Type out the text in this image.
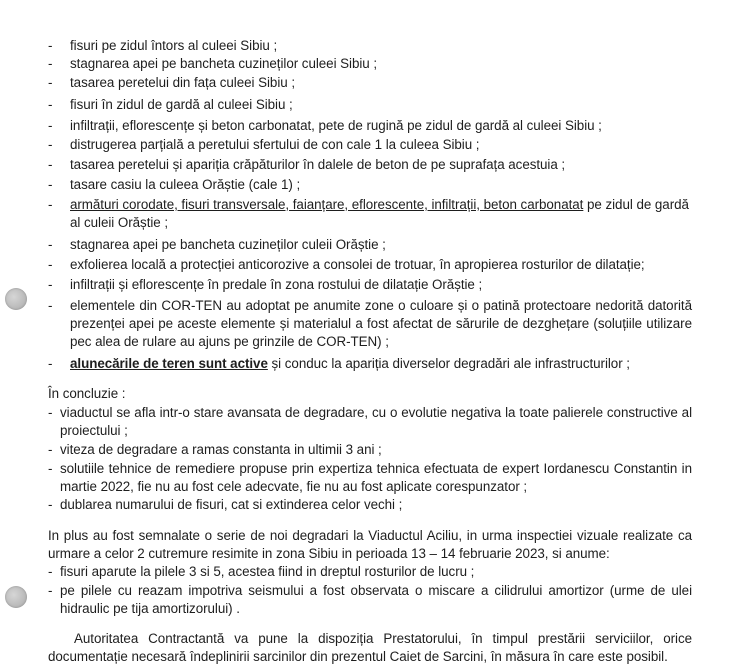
- fisuri pe zidul întors al culeei Sibiu ;
- stagnarea apei pe bancheta cuzineților culeei Sibiu ;
- tasarea peretelui din fața culeei Sibiu ;
- fisuri în zidul de gardă al culeei Sibiu ;
- infiltrații, eflorescențe și beton carbonatat, pete de rugină pe zidul de gardă al culeei Sibiu ;
- distrugerea parțială a peretului sfertului de con cale 1 la culeea Sibiu ;
- tasarea peretelui și apariția crăpăturilor în dalele de beton de pe suprafața acestuia ;
- tasare casiu la culeea Orăștie (cale 1) ;
- armături corodate, fisuri transversale, faianțare, eflorescente, infiltrații, beton carbonatat pe zidul de gardă
al culeii Orăștie ;
- stagnarea apei pe bancheta cuzineților culeii Orăștie ;
- exfolierea locală a protecției anticorozive a consolei de trotuar, în apropierea rosturilor de dilatație;
- infiltrații și eflorescențe în predale în zona rostului de dilatație Orăștie ;
- elementele din COR-TEN au adoptat pe anumite zone o culoare și o patină protectoare nedorită datorită
prezenței apei pe aceste elemente și materialul a fost afectat de sărurile de dezghețare (soluțiile utilizare
pec alea de rulare au ajuns pe grinzile de COR-TEN) ;
- alunecările de teren sunt active și conduc la apariția diverselor degradări ale infrastructurilor ;
În concluzie :
- viaductul se afla intr-o stare avansata de degradare, cu o evolutie negativa la toate palierele constructive al
proiectului ;
- viteza de degradare a ramas constanta in ultimii 3 ani ;
- solutiile tehnice de remediere propuse prin expertiza tehnica efectuata de expert Iordanescu Constantin in
martie 2022, fie nu au fost cele adecvate, fie nu au fost aplicate corespunzator ;
- dublarea numarului de fisuri, cat si extinderea celor vechi ;
In plus au fost semnalate o serie de noi degradari la Viaductul Aciliu, in urma inspectiei vizuale realizate ca
urmare a celor 2 cutremure resimite in zona Sibiu in perioada 13 – 14 februarie 2023, si anume:
- fisuri aparute la pilele 3 si 5, acestea fiind in dreptul rosturilor de lucru ;
- pe pilele cu reazam impotriva seismului a fost observata o miscare a cilidrului amortizor (urme de ulei
hidraulic pe tija amortizorului) .
Autoritatea Contractantă va pune la dispoziția Prestatorului, în timpul prestării serviciilor, orice
documentație necesară îndeplinirii sarcinilor din prezentul Caiet de Sarcini, în măsura în care este posibil.
